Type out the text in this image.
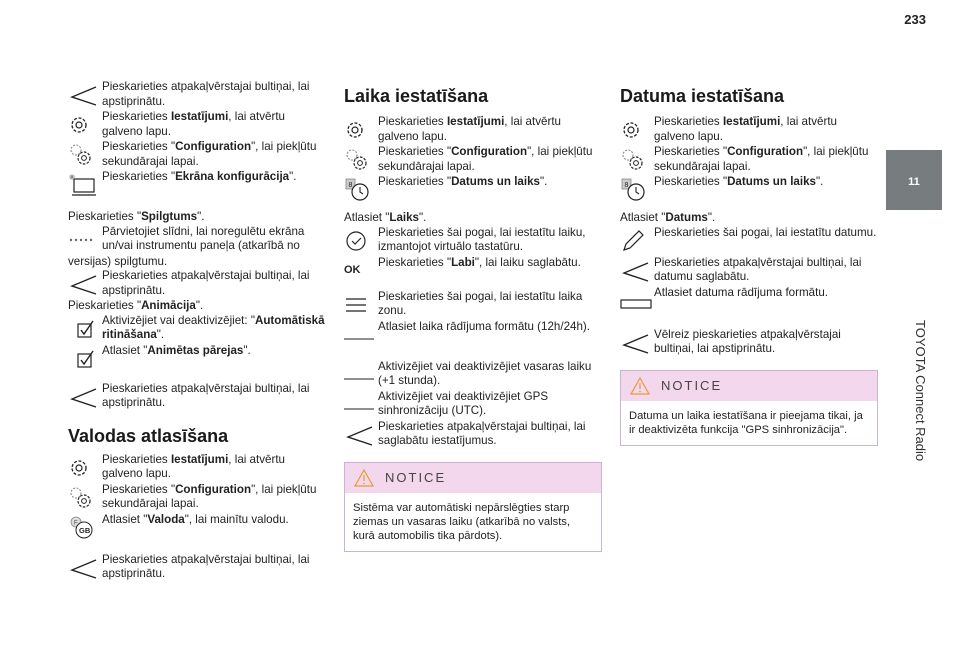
233
11
TOYOTA Connect Radio
Pieskarieties atpakaļvērstajai bultiņai, lai apstiprinātu.
Pieskarieties Iestatījumi, lai atvērtu galveno lapu.
Pieskarieties "Configuration", lai piekļūtu sekundārajai lapai.
Pieskarieties "Ekrāna konfigurācija".
Pieskarieties "Spilgtums".
Pārvietojiet slīdni, lai noregulētu ekrāna un/vai instrumentu paneļa (atkarībā no
versijas) spilgtumu.
Pieskarieties atpakaļvērstajai bultiņai, lai apstiprinātu.
Pieskarieties "Animācija".
Aktivizējiet vai deaktivizējiet: "Automātiskā ritināšana".
Atlasiet "Animētas pārejas".
Pieskarieties atpakaļvērstajai bultiņai, lai apstiprinātu.
Valodas atlasīšana
Pieskarieties Iestatījumi, lai atvērtu galveno lapu.
Pieskarieties "Configuration", lai piekļūtu sekundārajai lapai.
F
GB
Atlasiet "Valoda", lai mainītu valodu.
Pieskarieties atpakaļvērstajai bultiņai, lai apstiprinātu.
Laika iestatīšana
Pieskarieties Iestatījumi, lai atvērtu galveno lapu.
Pieskarieties "Configuration", lai piekļūtu sekundārajai lapai.
8 Pieskarieties "Datums un laiks".
Atlasiet "Laiks".
Pieskarieties šai pogai, lai iestatītu laiku, izmantojot virtuālo tastatūru.
OK
Pieskarieties "Labi", lai laiku saglabātu.
Pieskarieties šai pogai, lai iestatītu laika zonu.
Atlasiet laika rādījuma formātu (12h/24h).
Aktivizējiet vai deaktivizējiet vasaras laiku (+1 stunda).
Aktivizējiet vai deaktivizējiet GPS sinhronizāciju (UTC).
Pieskarieties atpakaļvērstajai bultiņai, lai saglabātu iestatījumus.
NOTICE
Sistēma var automātiski nepārslēgties starp ziemas un vasaras laiku (atkarībā no valsts, kurā automobilis tika pārdots).
Datuma iestatīšana
Pieskarieties Iestatījumi, lai atvērtu galveno lapu.
Pieskarieties "Configuration", lai piekļūtu sekundārajai lapai.
8 Pieskarieties "Datums un laiks".
Atlasiet "Datums".
Pieskarieties šai pogai, lai iestatītu datumu.
Pieskarieties atpakaļvērstajai bultiņai, lai datumu saglabātu.
Atlasiet datuma rādījuma formātu.
Vēlreiz pieskarieties atpakaļvērstajai bultiņai, lai apstiprinātu.
NOTICE
Datuma un laika iestatīšana ir pieejama tikai, ja ir deaktivizēta funkcija "GPS sinhronizācija".
